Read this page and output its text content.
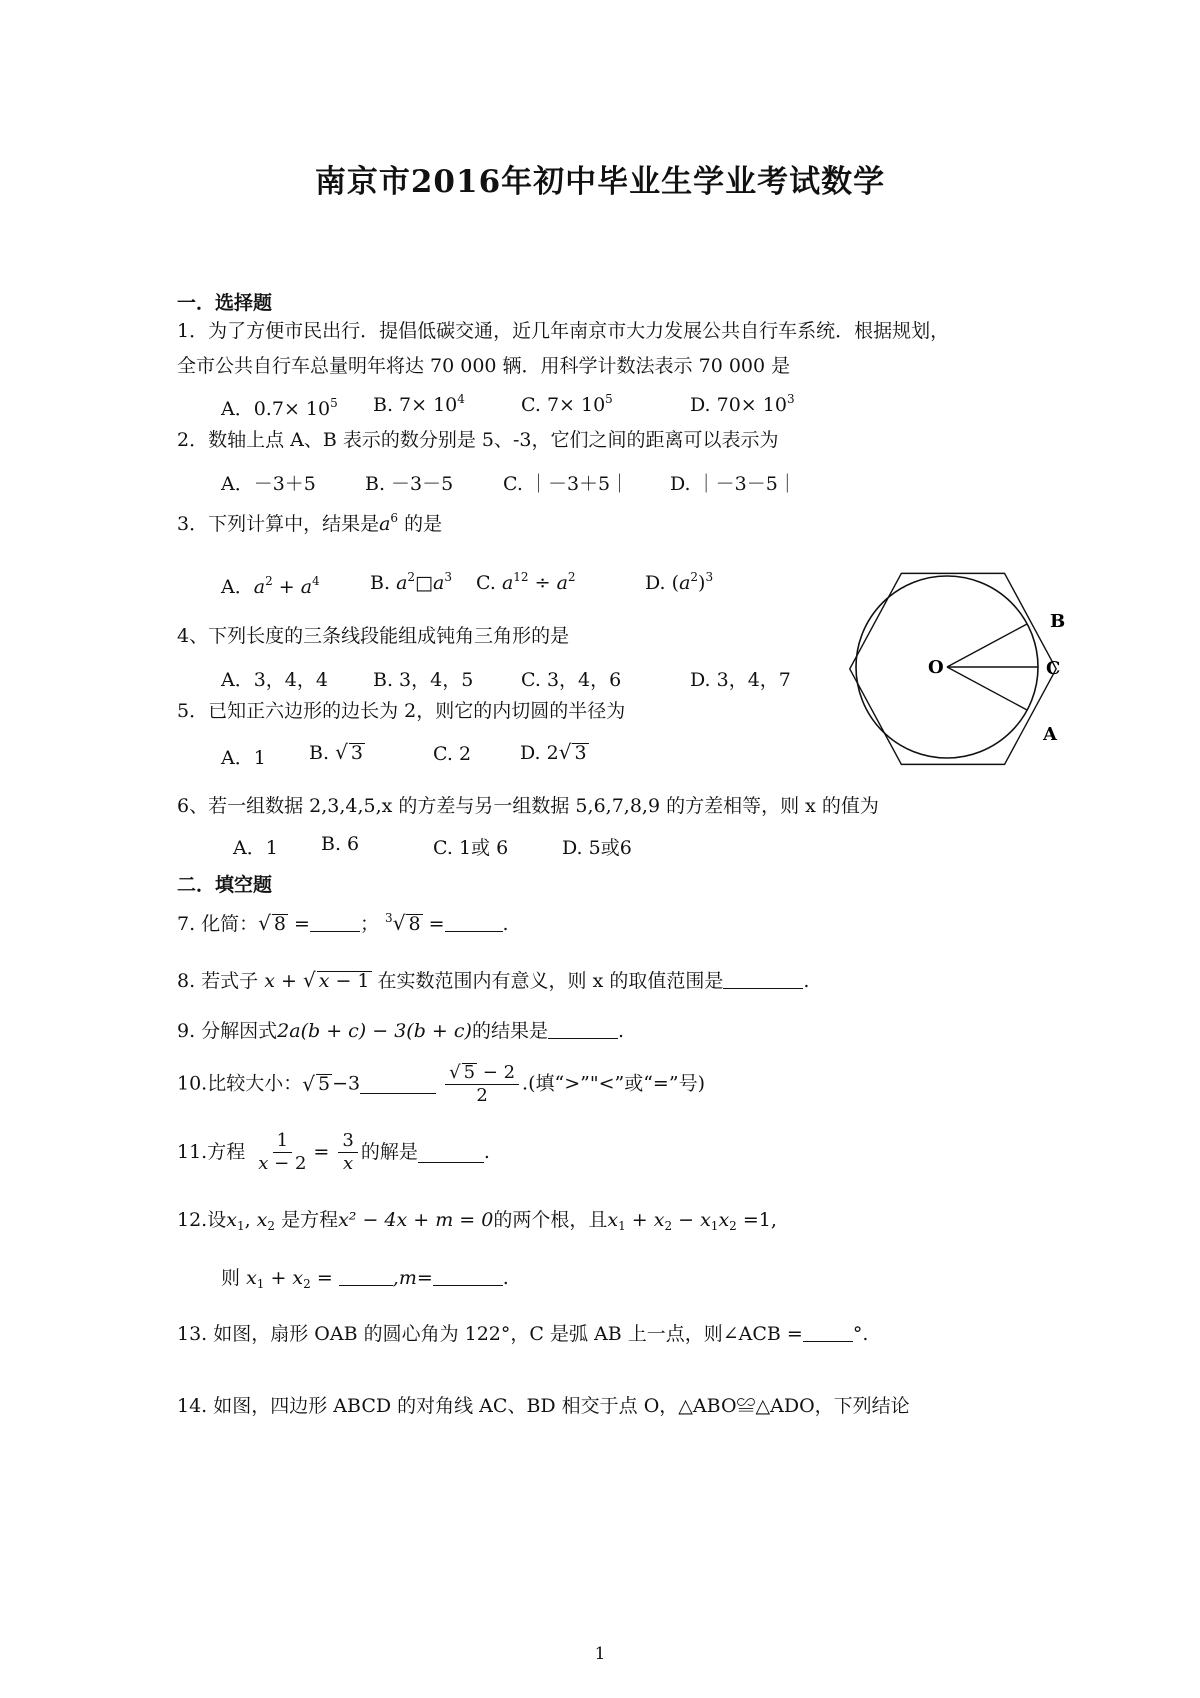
南京市2016年初中毕业生学业考试数学
一．选择题
1．为了方便市民出行．提倡低碳交通，近几年南京市大力发展公共自行车系统．根据规划，
全市公共自行车总量明年将达 70 000 辆．用科学计数法表示 70 000 是
A．$0.7\times 10^5$ B. $7\times 10^4$	C. $7\times 10^5$	D. $70\times 10^3$
2．数轴上点 A、B 表示的数分别是 5、-3，它们之间的距离可以表示为
A．－3＋5	B. －3－5	C. ｜－3＋5｜ D. ｜－3－5｜
3．下列计算中，结果是$a^6$ 的是
A．$a^2 + a^4$	B. $a^2□a^3$ C. $a^{12} \div a^2$	D. $(a^2)^3$
O
B
C
A
4、下列长度的三条线段能组成钝角三角形的是
A．3，4，4 B. 3，4，5	C. 3，4，6	D. 3，4，7
5．已知正六边形的边长为 2，则它的内切圆的半径为
A．1 B. √ 3	C. 2	D. 2√ 3
6、若一组数据 2,3,4,5,x 的方差与另一组数据 5,6,7,8,9 的方差相等，则 x 的值为
A．1 B. 6	C. 1或 6	D. 5或6
二．填空题
7. 化简：√ 8 =	； $^3$√ 8 =	.
8. 若式子 x + √ x − 1 在实数范围内有意义，则 x 的取值范围是	.
9. 分解因式2a(b + c) − 3(b + c)的结果是	.
10.比较大小：√ 5 −3	$\frac{√ 5 - 2}{2}$ .(填“>”"<”或“=”号)
11.方程 $\frac{1}{x - 2} = \frac{3}{x}$ 的解是	.
12.设$x_1$, $x_2$ 是方程x² − 4x + m = 0的两个根，且$x_1 + x_2 - x_1x_2 =1$,
则 $x_1 + x_2$ =	,m=	.
13. 如图，扇形 OAB 的圆心角为 122°，C 是弧 AB 上一点，则∠ACB =	°.
14. 如图，四边形 ABCD 的对角线 AC、BD 相交于点 O，△ABO≌△ADO，下列结论
1
